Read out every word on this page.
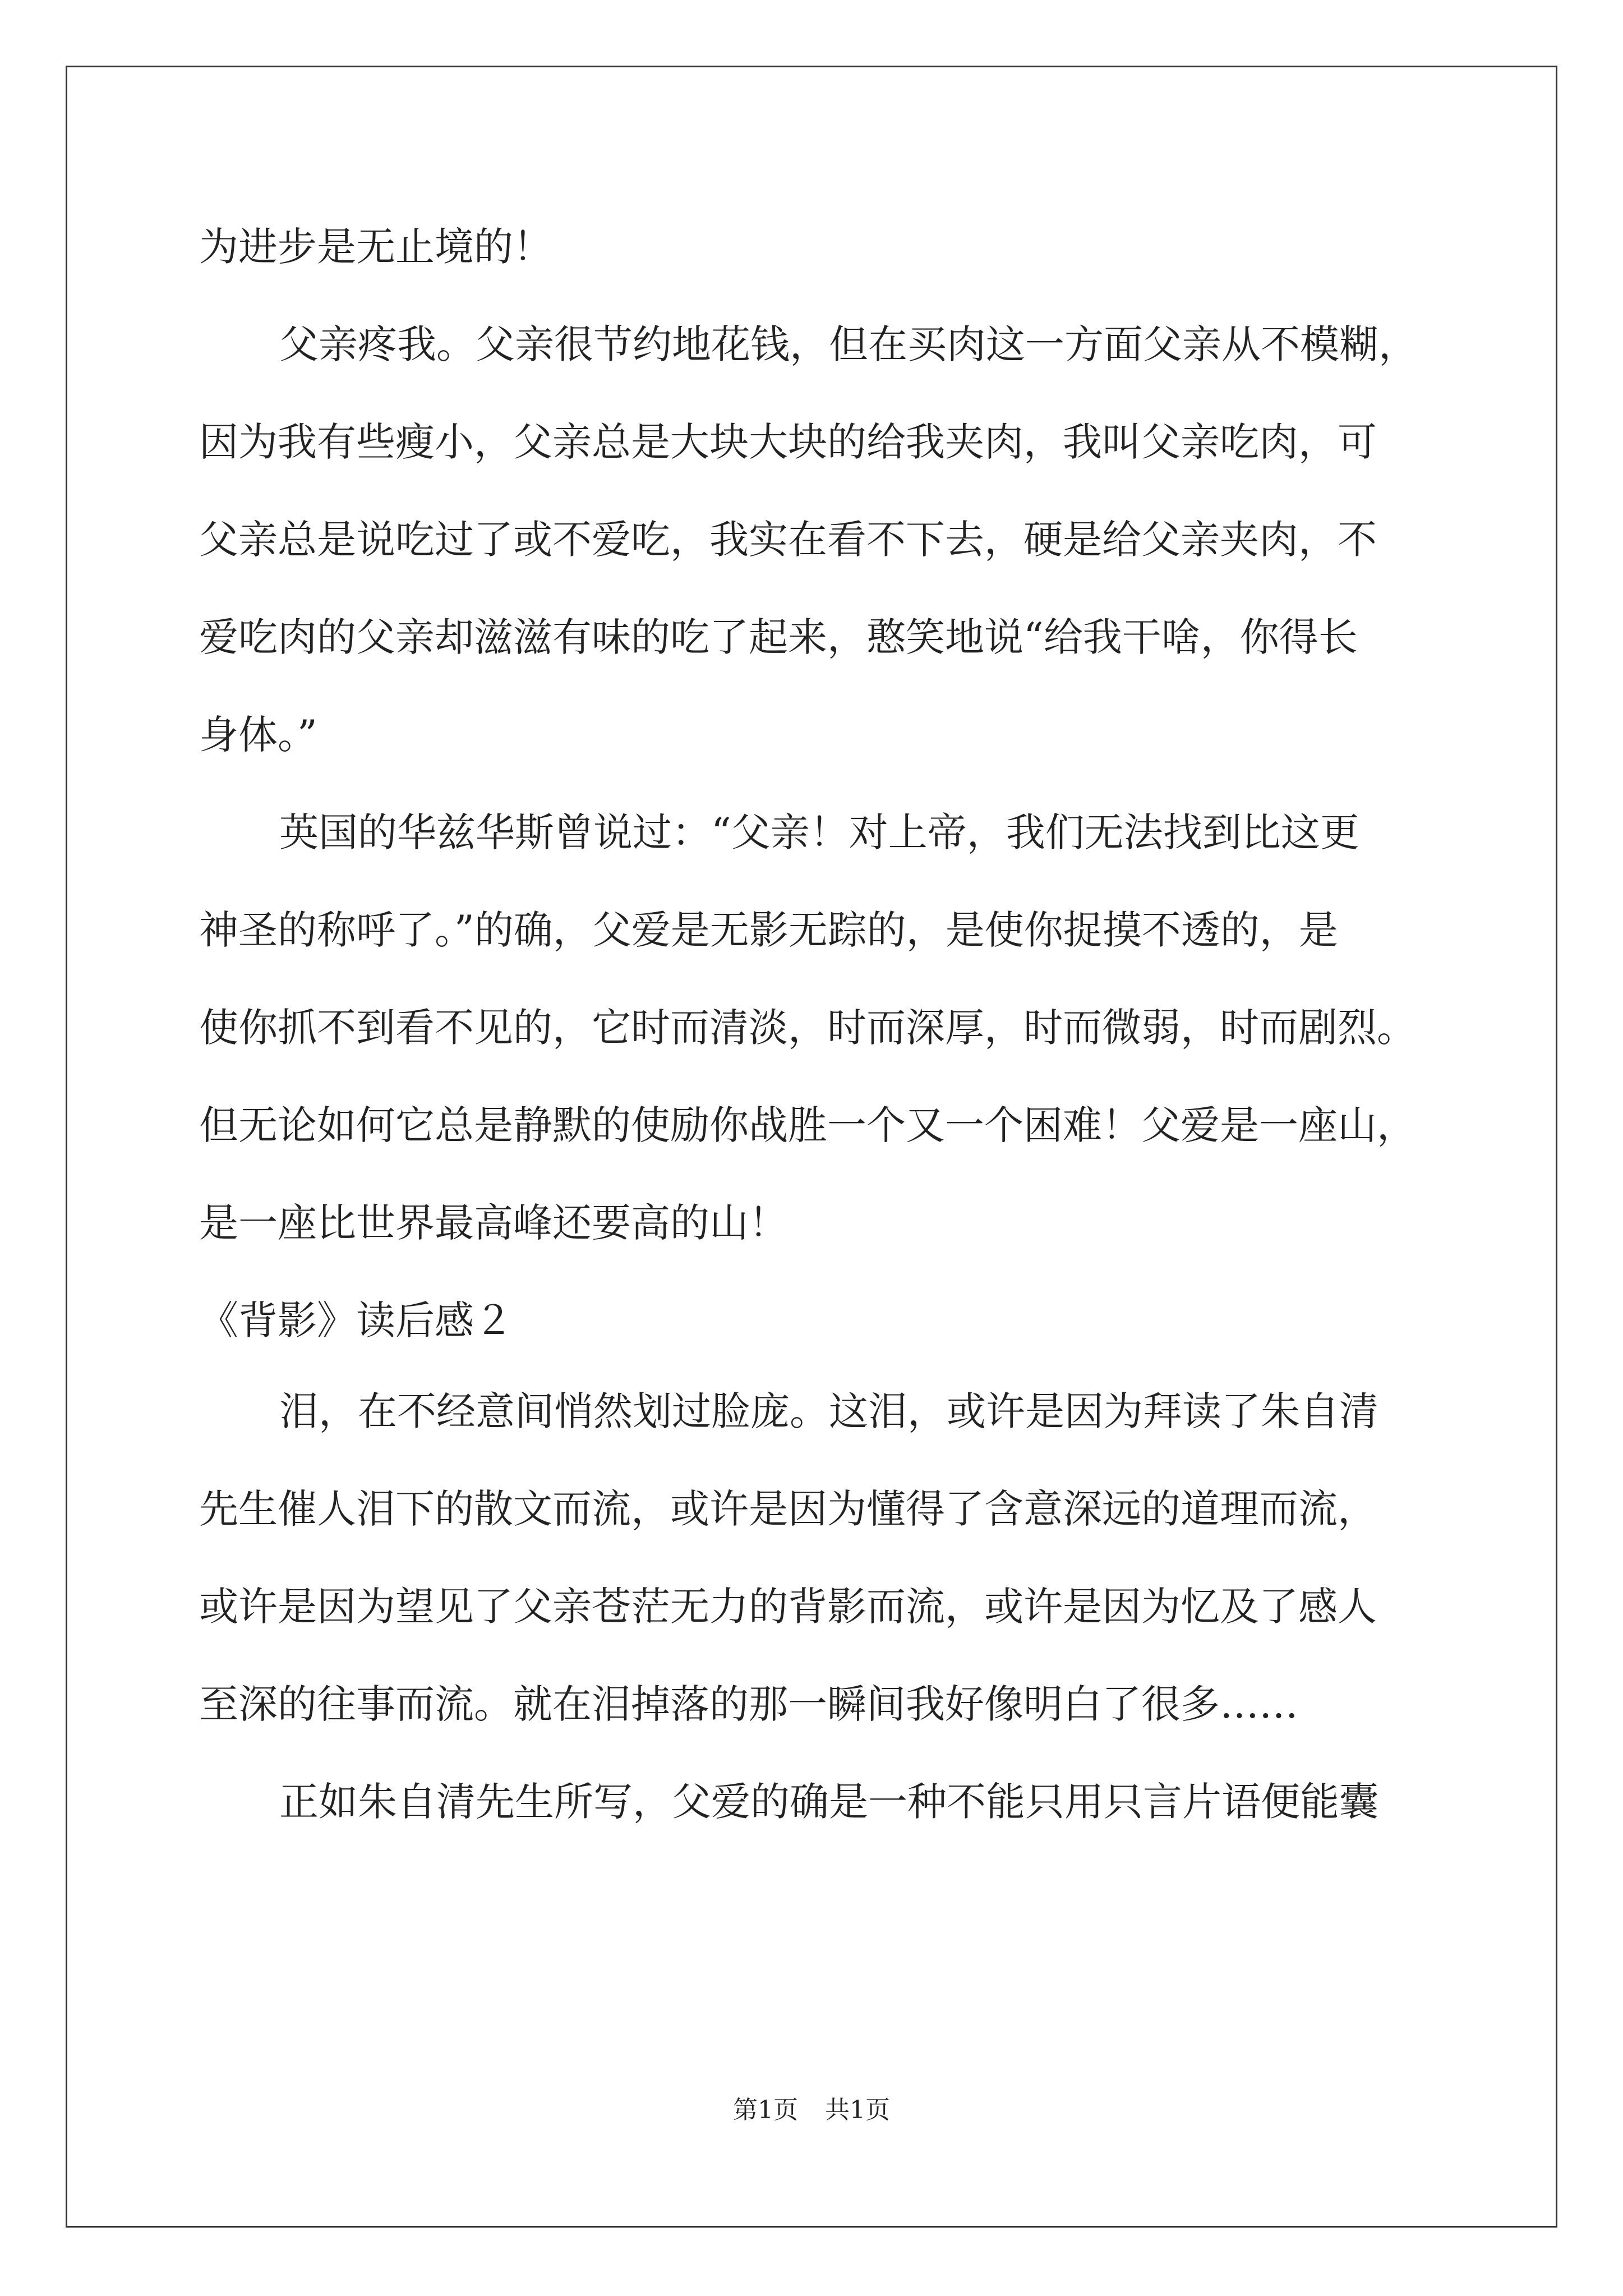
为进步是无止境的！
父亲疼我。父亲很节约地花钱，但在买肉这一方面父亲从不模糊，
因为我有些瘦小，父亲总是大块大块的给我夹肉，我叫父亲吃肉，可
父亲总是说吃过了或不爱吃，我实在看不下去，硬是给父亲夹肉，不
爱吃肉的父亲却滋滋有味的吃了起来，憨笑地说“给我干啥，你得长
身体。”
英国的华兹华斯曾说过：“父亲！对上帝，我们无法找到比这更
神圣的称呼了。”的确，父爱是无影无踪的，是使你捉摸不透的，是
使你抓不到看不见的，它时而清淡，时而深厚，时而微弱，时而剧烈。
但无论如何它总是静默的使励你战胜一个又一个困难！父爱是一座山，
是一座比世界最高峰还要高的山！
《背影》读后感２
泪，在不经意间悄然划过脸庞。这泪，或许是因为拜读了朱自清
先生催人泪下的散文而流，或许是因为懂得了含意深远的道理而流，
或许是因为望见了父亲苍茫无力的背影而流，或许是因为忆及了感人
至深的往事而流。就在泪掉落的那一瞬间我好像明白了很多……
正如朱自清先生所写，父爱的确是一种不能只用只言片语便能囊
第1页 共1页
